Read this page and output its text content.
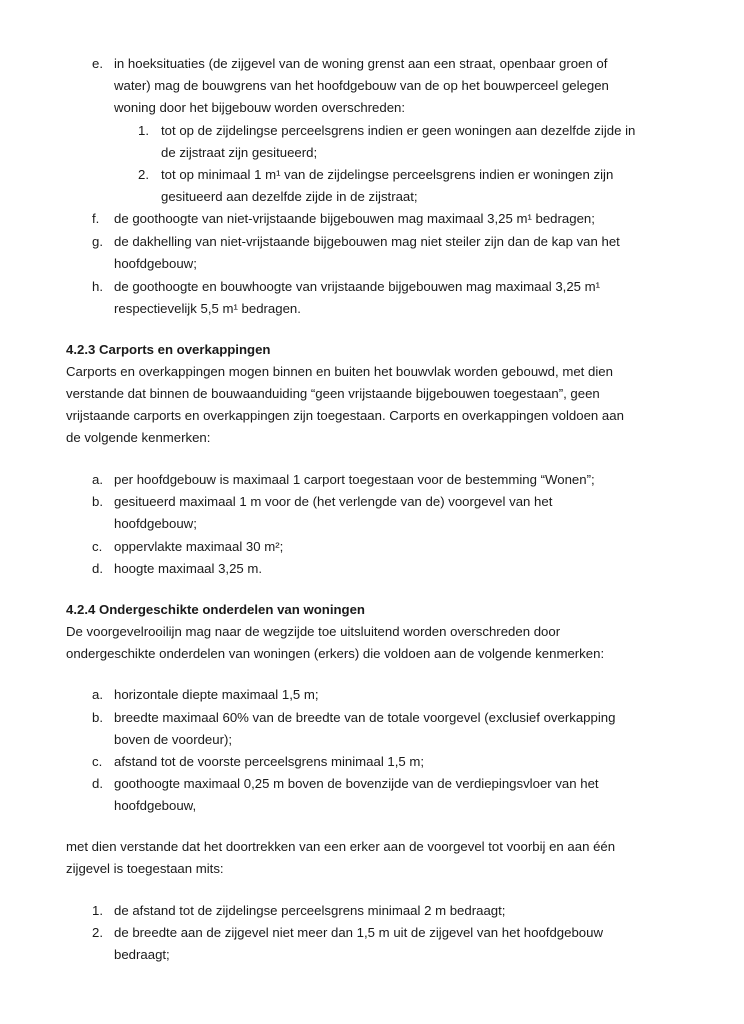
e. in hoeksituaties (de zijgevel van de woning grenst aan een straat, openbaar groen of
water) mag de bouwgrens van het hoofdgebouw van de op het bouwperceel gelegen
woning door het bijgebouw worden overschreden:
1. tot op de zijdelingse perceelsgrens indien er geen woningen aan dezelfde zijde in
de zijstraat zijn gesitueerd;
2. tot op minimaal 1 m¹ van de zijdelingse perceelsgrens indien er woningen zijn
gesitueerd aan dezelfde zijde in de zijstraat;
f. de goothoogte van niet-vrijstaande bijgebouwen mag maximaal 3,25 m¹ bedragen;
g. de dakhelling van niet-vrijstaande bijgebouwen mag niet steiler zijn dan de kap van het
hoofdgebouw;
h. de goothoogte en bouwhoogte van vrijstaande bijgebouwen mag maximaal 3,25 m¹
respectievelijk 5,5 m¹ bedragen.
4.2.3 Carports en overkappingen
Carports en overkappingen mogen binnen en buiten het bouwvlak worden gebouwd, met dien
verstande dat binnen de bouwaanduiding “geen vrijstaande bijgebouwen toegestaan”, geen
vrijstaande carports en overkappingen zijn toegestaan. Carports en overkappingen voldoen aan
de volgende kenmerken:
a. per hoofdgebouw is maximaal 1 carport toegestaan voor de bestemming “Wonen”;
b. gesitueerd maximaal 1 m voor de (het verlengde van de) voorgevel van het
hoofdgebouw;
c. oppervlakte maximaal 30 m²;
d. hoogte maximaal 3,25 m.
4.2.4 Ondergeschikte onderdelen van woningen
De voorgevelrooilijn mag naar de wegzijde toe uitsluitend worden overschreden door
ondergeschikte onderdelen van woningen (erkers) die voldoen aan de volgende kenmerken:
a. horizontale diepte maximaal 1,5 m;
b. breedte maximaal 60% van de breedte van de totale voorgevel (exclusief overkapping
boven de voordeur);
c. afstand tot de voorste perceelsgrens minimaal 1,5 m;
d. goothoogte maximaal 0,25 m boven de bovenzijde van de verdiepingsvloer van het
hoofdgebouw,
met dien verstande dat het doortrekken van een erker aan de voorgevel tot voorbij en aan één
zijgevel is toegestaan mits:
1. de afstand tot de zijdelingse perceelsgrens minimaal 2 m bedraagt;
2. de breedte aan de zijgevel niet meer dan 1,5 m uit de zijgevel van het hoofdgebouw
bedraagt;
